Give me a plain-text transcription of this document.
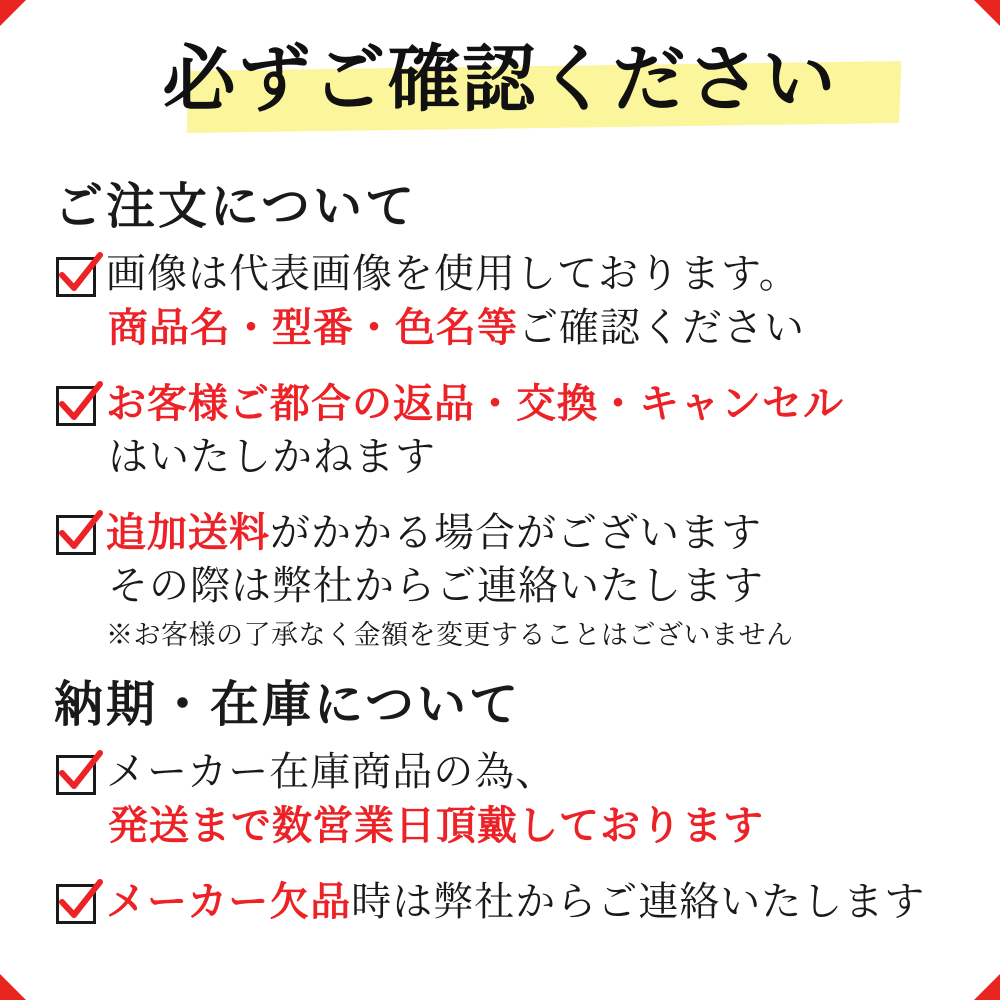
必ずご確認ください
ご注文について
画像は代表画像を使用しております。 商品名・型番・色名等ご確認ください
お客様ご都合の返品・交換・キャンセル はいたしかねます
追加送料がかかる場合がございます その際は弊社からご連絡いたします ※お客様の了承なく金額を変更することはございません
納期・在庫について
メーカー在庫商品の為、 発送まで数営業日頂戴しております
メーカー欠品時は弊社からご連絡いたします
